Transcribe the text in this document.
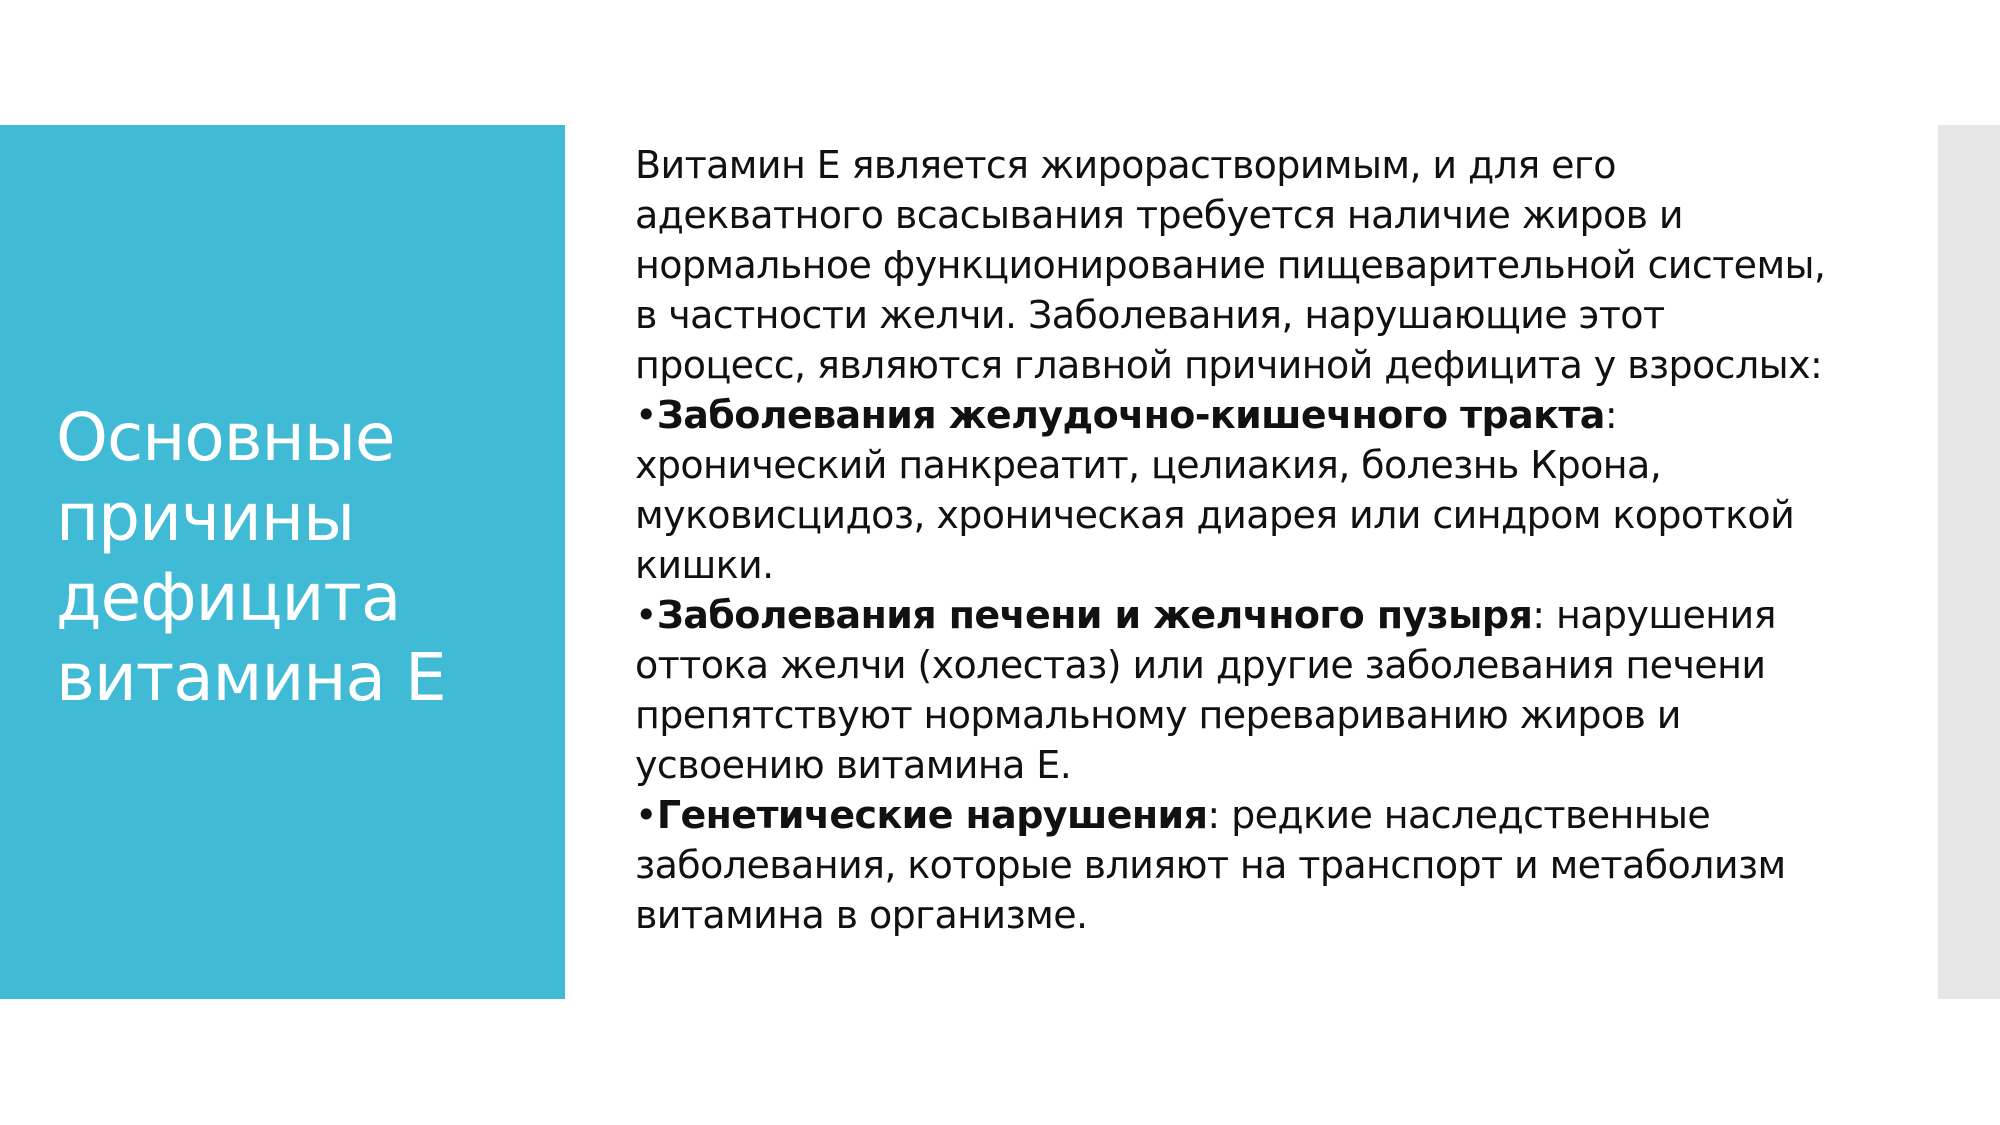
Основные причины дефицита витамина Е

Витамин Е является жирорастворимым, и для его адекватного всасывания требуется наличие жиров и нормальное функционирование пищеварительной системы, в частности желчи. Заболевания, нарушающие этот процесс, являются главной причиной дефицита у взрослых:

•Заболевания желудочно-кишечного тракта: хронический панкреатит, целиакия, болезнь Крона, муковисцидоз, хроническая диарея или синдром короткой кишки.

•Заболевания печени и желчного пузыря: нарушения оттока желчи (холестаз) или другие заболевания печени препятствуют нормальному перевариванию жиров и усвоению витамина Е.

•Генетические нарушения: редкие наследственные заболевания, которые влияют на транспорт и метаболизм витамина в организме.
